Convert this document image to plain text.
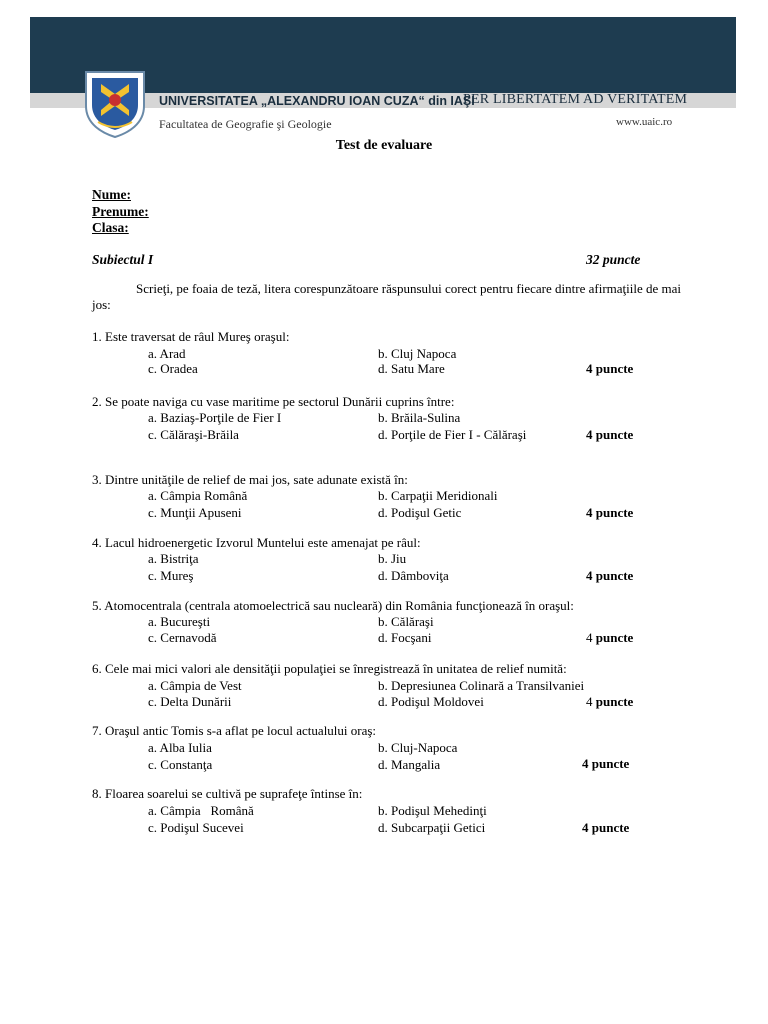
UNIVERSITATEA „ALEXANDRU IOAN CUZA“ din IAŞI
PER LIBERTATEM AD VERITATEM
Facultatea de Geografie şi Geologie	www.uaic.ro
Test de evaluare
Nume:
Prenume:
Clasa:
Subiectul I	32 puncte
Scrieţi, pe foaia de teză, litera corespunzătoare răspunsului corect pentru fiecare dintre afirmaţiile de mai jos:
1. Este traversat de râul Mureş oraşul:
a. Arad	b. Cluj Napoca
c. Oradea	d. Satu Mare	4 puncte
2. Se poate naviga cu vase maritime pe sectorul Dunării cuprins între:
a. Baziaş-Porţile de Fier I	b. Brăila-Sulina
c. Călăraşi-Brăila	d. Porţile de Fier I - Călăraşi	4 puncte
3. Dintre unităţile de relief de mai jos, sate adunate există în:
a. Câmpia Română	b. Carpaţii Meridionali
c. Munţii Apuseni	d. Podişul Getic	4 puncte
4. Lacul hidroenergetic Izvorul Muntelui este amenajat pe râul:
a. Bistriţa	b. Jiu
c. Mureş	d. Dâmboviţa	4 puncte
5. Atomocentrala (centrala atomoelectrică sau nucleară) din România funcţionează în oraşul:
a. Bucureşti	b. Călăraşi
c. Cernavodă	d. Focşani	4 puncte
6. Cele mai mici valori ale densităţii populaţiei se înregistrează în unitatea de relief numită:
a. Câmpia de Vest	b. Depresiunea Colinară a Transilvaniei
c. Delta Dunării	d. Podişul Moldovei	4 puncte
7. Oraşul antic Tomis s-a aflat pe locul actualului oraş:
a. Alba Iulia	b. Cluj-Napoca
c. Constanţa	d. Mangalia	4 puncte
8. Floarea soarelui se cultivă pe suprafeţe întinse în:
a. Câmpia   Română	b. Podişul Mehedinţi
c. Podişul Sucevei	d. Subcarpaţii Getici	4 puncte
